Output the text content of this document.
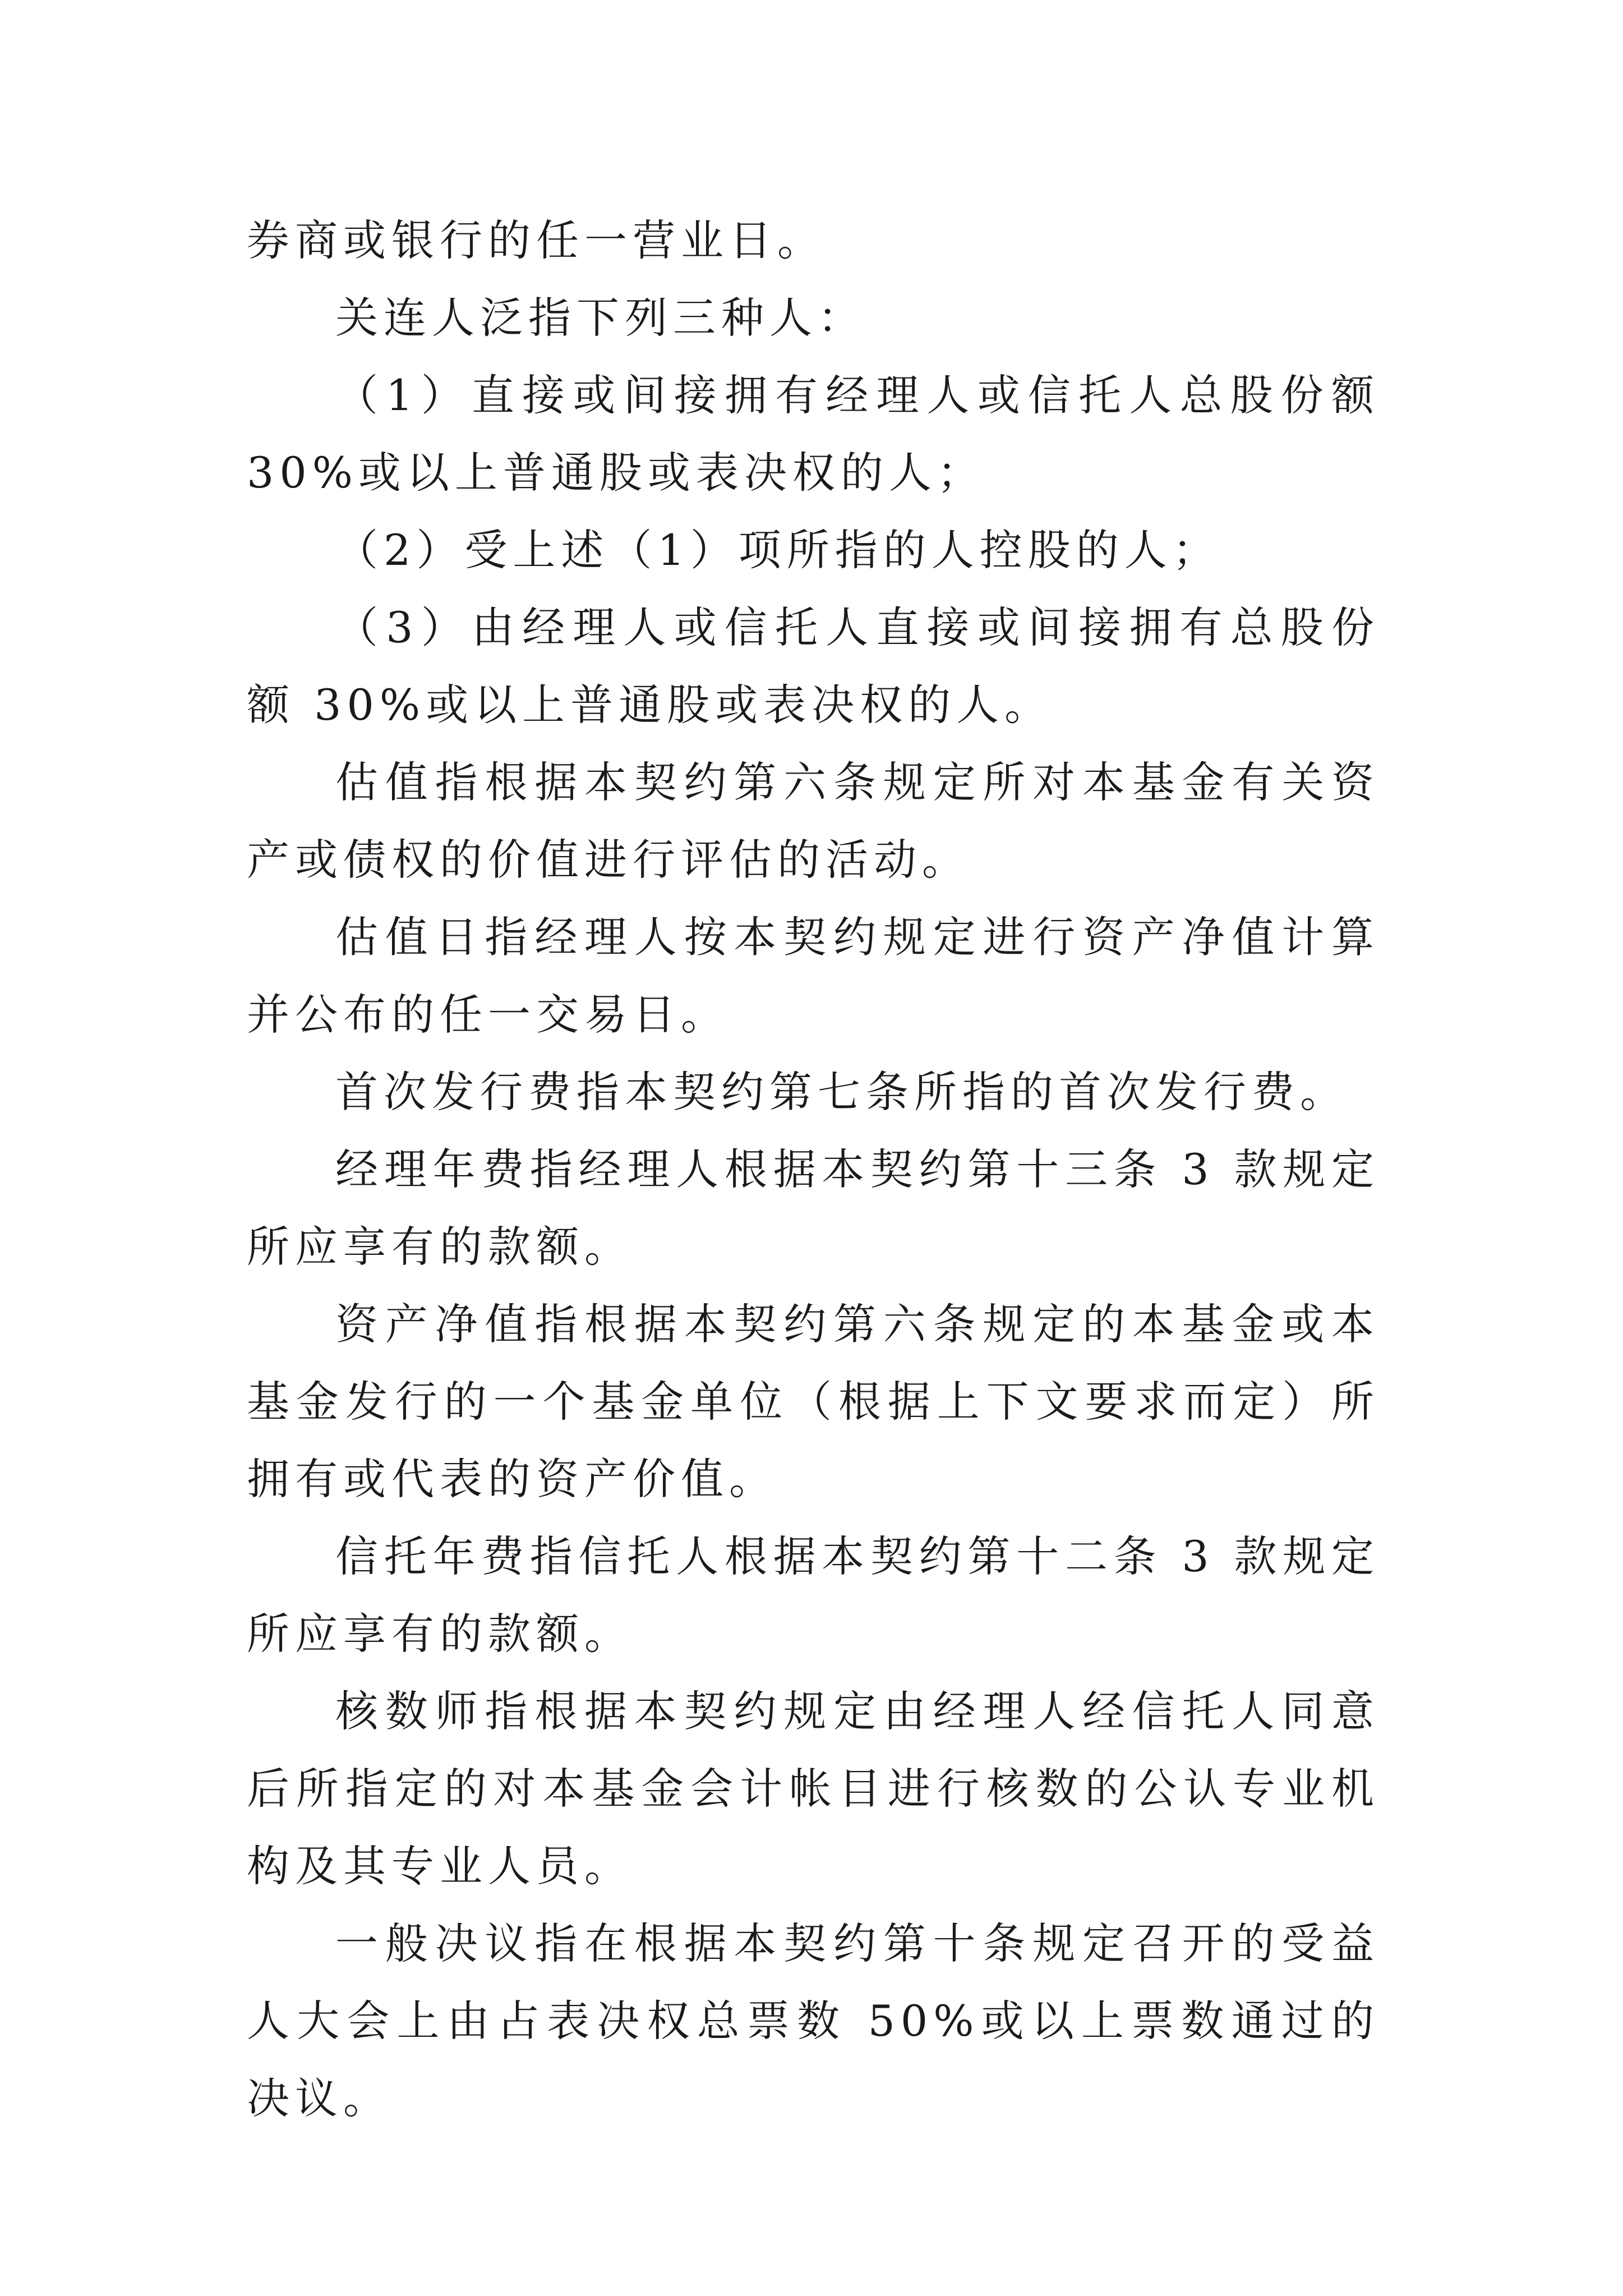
券商或银行的任一营业日。

关连人泛指下列三种人：

（1）直接或间接拥有经理人或信托人总股份额 30%或以上普通股或表决权的人；

（2）受上述（1）项所指的人控股的人；

（3）由经理人或信托人直接或间接拥有总股份额 30%或以上普通股或表决权的人。

估值指根据本契约第六条规定所对本基金有关资产或债权的价值进行评估的活动。

估值日指经理人按本契约规定进行资产净值计算并公布的任一交易日。

首次发行费指本契约第七条所指的首次发行费。

经理年费指经理人根据本契约第十三条 3 款规定所应享有的款额。

资产净值指根据本契约第六条规定的本基金或本基金发行的一个基金单位（根据上下文要求而定）所拥有或代表的资产价值。

信托年费指信托人根据本契约第十二条 3 款规定所应享有的款额。

核数师指根据本契约规定由经理人经信托人同意后所指定的对本基金会计帐目进行核数的公认专业机构及其专业人员。

一般决议指在根据本契约第十条规定召开的受益人大会上由占表决权总票数 50%或以上票数通过的决议。
